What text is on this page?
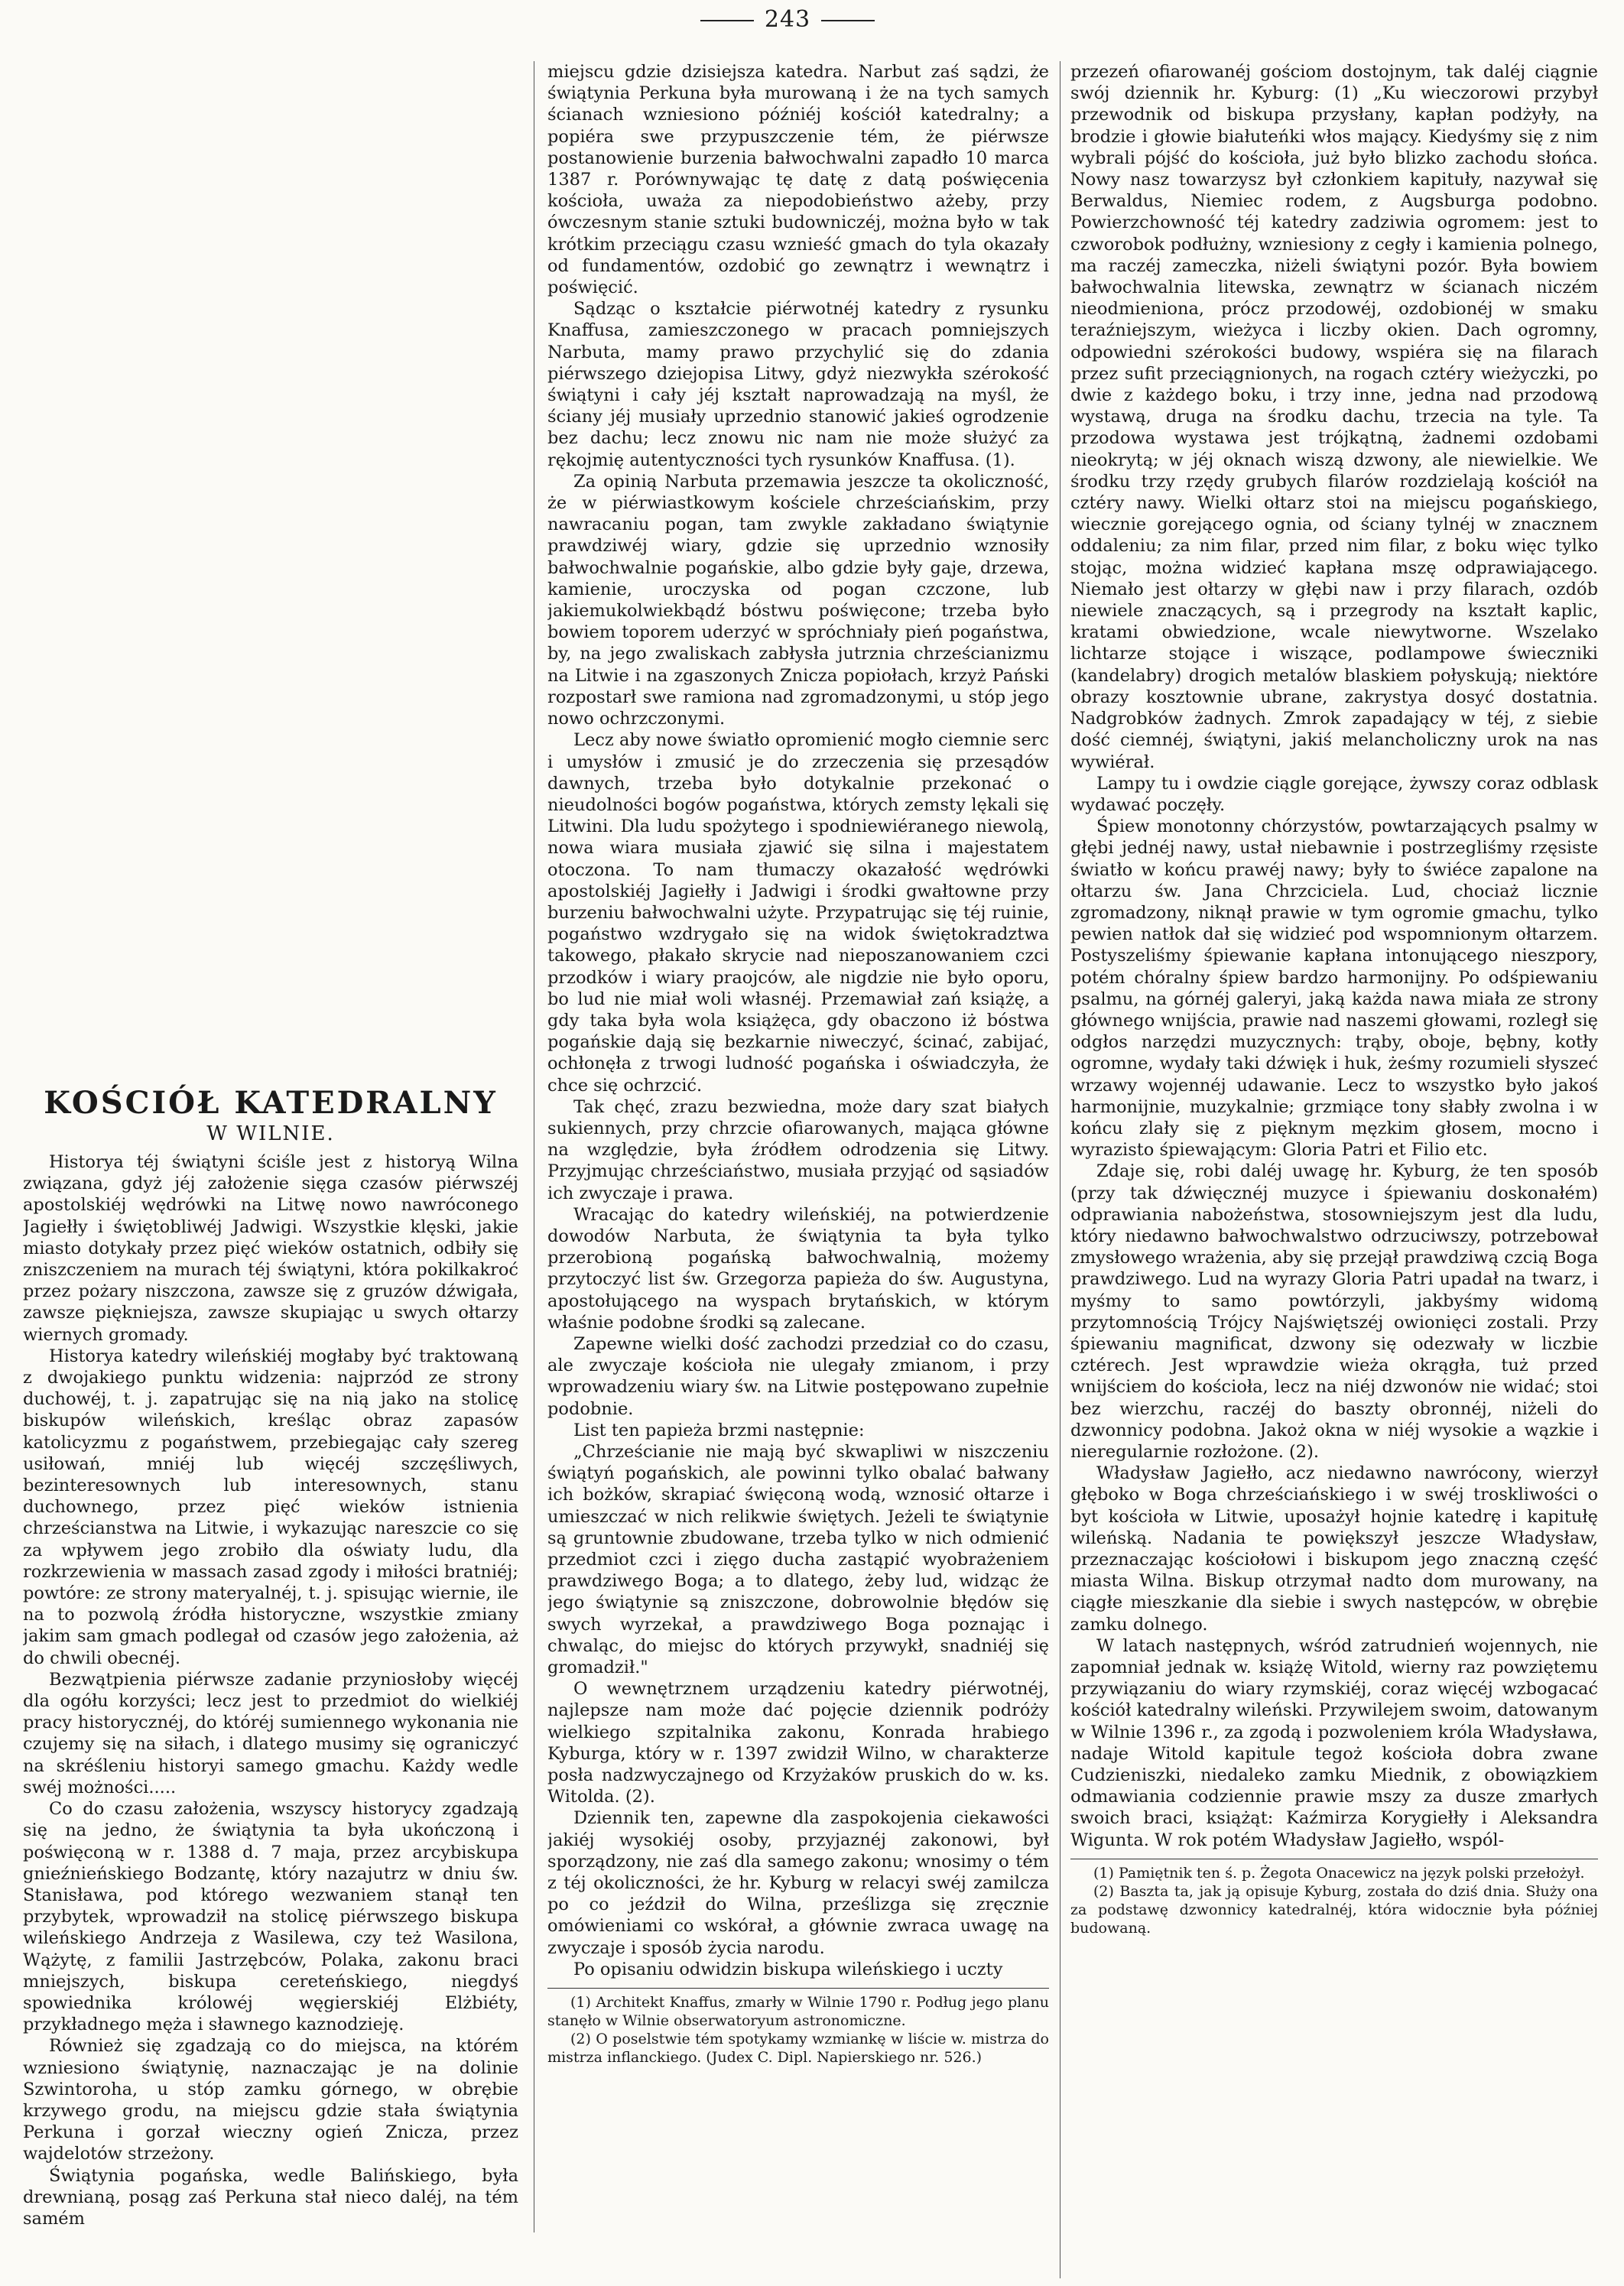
243
KOŚCIÓŁ KATEDRALNY
W WILNIE.

Historya téj świątyni ściśle jest z historyą Wilna związana, gdyż jéj założenie sięga czasów piérwszéj apostolskiéj wędrówki na Litwę nowo nawróconego Jagiełły i świętobliwéj Jadwigi. Wszystkie klęski, jakie miasto dotykały przez pięć wieków ostatnich, odbiły się zniszczeniem na murach téj świątyni, która pokilkakroć przez pożary niszczona, zawsze się z gruzów dźwigała, zawsze piękniejsza, zawsze skupiając u swych ołtarzy wiernych gromady.

Historya katedry wileńskiéj mogłaby być traktowaną z dwojakiego punktu widzenia: najprzód ze strony duchowéj, t. j. zapatrując się na nią jako na stolicę biskupów wileńskich, kreśląc obraz zapasów katolicyzmu z pogaństwem, przebiegając cały szereg usiłowań, mniéj lub więcéj szczęśliwych, bezinteresownych lub interesownych, stanu duchownego, przez pięć wieków istnienia chrześcianstwa na Litwie, i wykazując nareszcie co się za wpływem jego zrobiło dla oświaty ludu, dla rozkrzewienia w massach zasad zgody i miłości bratniéj; powtóre: ze strony materyalnéj, t. j. spisując wiernie, ile na to pozwolą źródła historyczne, wszystkie zmiany jakim sam gmach podlegał od czasów jego założenia, aż do chwili obecnéj.

Bezwątpienia piérwsze zadanie przyniosłoby więcéj dla ogółu korzyści; lecz jest to przedmiot do wielkiéj pracy historycznéj, do któréj sumiennego wykonania nie czujemy się na siłach, i dlatego musimy się ograniczyć na skréśleniu historyi samego gmachu. Każdy wedle swéj możności.....

Co do czasu założenia, wszyscy historycy zgadzają się na jedno, że świątynia ta była ukończoną i poświęconą w r. 1388 d. 7 maja, przez arcybiskupa gnieźnieńskiego Bodzantę, który nazajutrz w dniu św. Stanisława, pod którego wezwaniem stanął ten przybytek, wprowadził na stolicę piérwszego biskupa wileńskiego Andrzeja z Wasilewa, czy też Wasilona, Wążytę, z familii Jastrzębców, Polaka, zakonu braci mniejszych, biskupa cereteńskiego, niegdyś spowiednika królowéj węgierskiéj Elżbiéty, przykładnego męża i sławnego kaznodzieję.

Również się zgadzają co do miejsca, na którém wzniesiono świątynię, naznaczając je na dolinie Szwintoroha, u stóp zamku górnego, w obrębie krzywego grodu, na miejscu gdzie stała świątynia Perkuna i gorzał wieczny ogień Znicza, przez wajdelotów strzeżony.

Świątynia pogańska, wedle Balińskiego, była drewnianą, posąg zaś Perkuna stał nieco daléj, na tém samém

miejscu gdzie dzisiejsza katedra. Narbut zaś sądzi, że świątynia Perkuna była murowaną i że na tych samych ścianach wzniesiono późniéj kościół katedralny; a popiéra swe przypuszczenie tém, że piérwsze postanowienie burzenia bałwochwalni zapadło 10 marca 1387 r. Porównywając tę datę z datą poświęcenia kościoła, uważa za niepodobieństwo ażeby, przy ówczesnym stanie sztuki budowniczéj, można było w tak krótkim przeciągu czasu wznieść gmach do tyla okazały od fundamentów, ozdobić go zewnątrz i wewnątrz i poświęcić.

Sądząc o kształcie piérwotnéj katedry z rysunku Knaffusa, zamieszczonego w pracach pomniejszych Narbuta, mamy prawo przychylić się do zdania piérwszego dziejopisa Litwy, gdyż niezwykła szérokość świątyni i cały jéj kształt naprowadzają na myśl, że ściany jéj musiały uprzednio stanowić jakieś ogrodzenie bez dachu; lecz znowu nic nam nie może służyć za rękojmię autentyczności tych rysunków Knaffusa. (1).

Za opinią Narbuta przemawia jeszcze ta okoliczność, że w piérwiastkowym kościele chrześciańskim, przy nawracaniu pogan, tam zwykle zakładano świątynie prawdziwéj wiary, gdzie się uprzednio wznosiły bałwochwalnie pogańskie, albo gdzie były gaje, drzewa, kamienie, uroczyska od pogan czczone, lub jakiemukolwiekbądź bóstwu poświęcone; trzeba było bowiem toporem uderzyć w spróchniały pień pogaństwa, by, na jego zwaliskach zabłysła jutrznia chrześcianizmu na Litwie i na zgaszonych Znicza popiołach, krzyż Pański rozpostarł swe ramiona nad zgromadzonymi, u stóp jego nowo ochrzczonymi.

Lecz aby nowe światło opromienić mogło ciemnie serc i umysłów i zmusić je do zrzeczenia się przesądów dawnych, trzeba było dotykalnie przekonać o nieudolności bogów pogaństwa, których zemsty lękali się Litwini. Dla ludu spożytego i spodniewiéranego niewolą, nowa wiara musiała zjawić się silna i majestatem otoczona. To nam tłumaczy okazałość wędrówki apostolskiéj Jagiełły i Jadwigi i środki gwałtowne przy burzeniu bałwochwalni użyte. Przypatrując się téj ruinie, pogaństwo wzdrygało się na widok świętokradztwa takowego, płakało skrycie nad nieposzanowaniem czci przodków i wiary praojców, ale nigdzie nie było oporu, bo lud nie miał woli własnéj. Przemawiał zań książę, a gdy taka była wola książęca, gdy obaczono iż bóstwa pogańskie dają się bezkarnie niweczyć, ścinać, zabijać, ochłonęła z trwogi ludność pogańska i oświadczyła, że chce się ochrzcić.

Tak chęć, zrazu bezwiedna, może dary szat białych sukiennych, przy chrzcie ofiarowanych, mająca główne na względzie, była źródłem odrodzenia się Litwy. Przyjmując chrześciaństwo, musiała przyjąć od sąsiadów ich zwyczaje i prawa.

Wracając do katedry wileńskiéj, na potwierdzenie dowodów Narbuta, że świątynia ta była tylko przerobioną pogańską bałwochwalnią, możemy przytoczyć list św. Grzegorza papieża do św. Augustyna, apostołującego na wyspach brytańskich, w którym właśnie podobne środki są zalecane.

Zapewne wielki dość zachodzi przedział co do czasu, ale zwyczaje kościoła nie ulegały zmianom, i przy wprowadzeniu wiary św. na Litwie postępowano zupełnie podobnie.

List ten papieża brzmi następnie:

„Chrześcianie nie mają być skwapliwi w niszczeniu świątyń pogańskich, ale powinni tylko obalać bałwany ich bożków, skrapiać święconą wodą, wznosić ołtarze i umieszczać w nich relikwie świętych. Jeżeli te świątynie są gruntownie zbudowane, trzeba tylko w nich odmienić przedmiot czci i zięgo ducha zastąpić wyobrażeniem prawdziwego Boga; a to dlatego, żeby lud, widząc że jego świątynie są zniszczone, dobrowolnie błędów się swych wyrzekał, a prawdziwego Boga poznając i chwaląc, do miejsc do których przywykł, snadniéj się gromadził."

O wewnętrznem urządzeniu katedry piérwotnéj, najlepsze nam może dać pojęcie dziennik podróży wielkiego szpitalnika zakonu, Konrada hrabiego Kyburga, który w r. 1397 zwidził Wilno, w charakterze posła nadzwyczajnego od Krzyżaków pruskich do w. ks. Witolda. (2).

Dziennik ten, zapewne dla zaspokojenia ciekawości jakiéj wysokiéj osoby, przyjaznéj zakonowi, był sporządzony, nie zaś dla samego zakonu; wnosimy o tém z téj okoliczności, że hr. Kyburg w relacyi swéj zamilcza po co jeździł do Wilna, prześlizga się zręcznie omówieniami co wskórał, a głównie zwraca uwagę na zwyczaje i sposób życia narodu.

Po opisaniu odwidzin biskupa wileńskiego i uczty

(1) Architekt Knaffus, zmarły w Wilnie 1790 r. Podług jego planu stanęło w Wilnie obserwatoryum astronomiczne.

(2) O poselstwie tém spotykamy wzmiankę w liście w. mistrza do mistrza inflanckiego. (Judex C. Dipl. Napierskiego nr. 526.)

przezeń ofiarowanéj gościom dostojnym, tak daléj ciągnie swój dziennik hr. Kyburg: (1) „Ku wieczorowi przybył przewodnik od biskupa przysłany, kapłan podżyły, na brodzie i głowie białuteńki włos mający. Kiedyśmy się z nim wybrali pójść do kościoła, już było blizko zachodu słońca. Nowy nasz towarzysz był członkiem kapituły, nazywał się Berwaldus, Niemiec rodem, z Augsburga podobno. Powierzchowność téj katedry zadziwia ogromem: jest to czworobok podłużny, wzniesiony z cegły i kamienia polnego, ma raczéj zameczka, niżeli świątyni pozór. Była bowiem bałwochwalnia litewska, zewnątrz w ścianach niczém nieodmieniona, prócz przodowéj, ozdobionéj w smaku teraźniejszym, wieżyca i liczby okien. Dach ogromny, odpowiedni szérokości budowy, wspiéra się na filarach przez sufit przeciągnionych, na rogach cztéry wieżyczki, po dwie z każdego boku, i trzy inne, jedna nad przodową wystawą, druga na środku dachu, trzecia na tyle. Ta przodowa wystawa jest trójkątną, żadnemi ozdobami nieokrytą; w jéj oknach wiszą dzwony, ale niewielkie. We środku trzy rzędy grubych filarów rozdzielają kościół na cztéry nawy. Wielki ołtarz stoi na miejscu pogańskiego, wiecznie gorejącego ognia, od ściany tylnéj w znacznem oddaleniu; za nim filar, przed nim filar, z boku więc tylko stojąc, można widzieć kapłana mszę odprawiającego. Niemało jest ołtarzy w głębi naw i przy filarach, ozdób niewiele znaczących, są i przegrody na kształt kaplic, kratami obwiedzione, wcale niewytworne. Wszelako lichtarze stojące i wiszące, podlampowe świeczniki (kandelabry) drogich metalów blaskiem połyskują; niektóre obrazy kosztownie ubrane, zakrystya dosyć dostatnia. Nadgrobków żadnych. Zmrok zapadający w téj, z siebie dość ciemnéj, świątyni, jakiś melancholiczny urok na nas wywiérał.

Lampy tu i owdzie ciągle gorejące, żywszy coraz odblask wydawać poczęły.

Śpiew monotonny chórzystów, powtarzających psalmy w głębi jednéj nawy, ustał niebawnie i postrzegliśmy rzęsiste światło w końcu prawéj nawy; były to świéce zapalone na ołtarzu św. Jana Chrzciciela. Lud, chociaż licznie zgromadzony, niknął prawie w tym ogromie gmachu, tylko pewien natłok dał się widzieć pod wspomnionym ołtarzem. Postyszeliśmy śpiewanie kapłana intonującego nieszpory, potém chóralny śpiew bardzo harmonijny. Po odśpiewaniu psalmu, na górnéj galeryi, jaką każda nawa miała ze strony głównego wnijścia, prawie nad naszemi głowami, rozległ się odgłos narzędzi muzycznych: trąby, oboje, bębny, kotły ogromne, wydały taki dźwięk i huk, żeśmy rozumieli słyszeć wrzawy wojennéj udawanie. Lecz to wszystko było jakoś harmonijnie, muzykalnie; grzmiące tony słabły zwolna i w końcu zlały się z pięknym męzkim głosem, mocno i wyrazisto śpiewającym: Gloria Patri et Filio etc.

Zdaje się, robi daléj uwagę hr. Kyburg, że ten sposób (przy tak dźwięcznéj muzyce i śpiewaniu doskonałém) odprawiania nabożeństwa, stosowniejszym jest dla ludu, który niedawno bałwochwalstwo odrzuciwszy, potrzebował zmysłowego wrażenia, aby się przejął prawdziwą czcią Boga prawdziwego. Lud na wyrazy Gloria Patri upadał na twarz, i myśmy to samo powtórzyli, jakbyśmy widomą przytomnością Trójcy Najświętszéj owionięci zostali. Przy śpiewaniu magnificat, dzwony się odezwały w liczbie cztérech. Jest wprawdzie wieża okrągła, tuż przed wnijściem do kościoła, lecz na niéj dzwonów nie widać; stoi bez wierzchu, raczéj do baszty obronnéj, niżeli do dzwonnicy podobna. Jakoż okna w niéj wysokie a wązkie i nieregularnie rozłożone. (2).

Władysław Jagiełło, acz niedawno nawrócony, wierzył głęboko w Boga chrześciańskiego i w swéj troskliwości o byt kościoła w Litwie, uposażył hojnie katedrę i kapitułę wileńską. Nadania te powiększył jeszcze Władysław, przeznaczając kościołowi i biskupom jego znaczną część miasta Wilna. Biskup otrzymał nadto dom murowany, na ciągłe mieszkanie dla siebie i swych następców, w obrębie zamku dolnego.

W latach następnych, wśród zatrudnień wojennych, nie zapomniał jednak w. książę Witold, wierny raz powziętemu przywiązaniu do wiary rzymskiéj, coraz więcéj wzbogacać kościół katedralny wileński. Przywilejem swoim, datowanym w Wilnie 1396 r., za zgodą i pozwoleniem króla Władysława, nadaje Witold kapitule tegoż kościoła dobra zwane Cudzieniszki, niedaleko zamku Miednik, z obowiązkiem odmawiania codziennie prawie mszy za dusze zmarłych swoich braci, książąt: Kaźmirza Korygiełły i Aleksandra Wigunta. W rok potém Władysław Jagiełło, wspól-

(1) Pamiętnik ten ś. p. Żegota Onacewicz na język polski przełożył.

(2) Baszta ta, jak ją opisuje Kyburg, została do dziś dnia. Służy ona za podstawę dzwonnicy katedralnéj, która widocznie była później budowaną.
